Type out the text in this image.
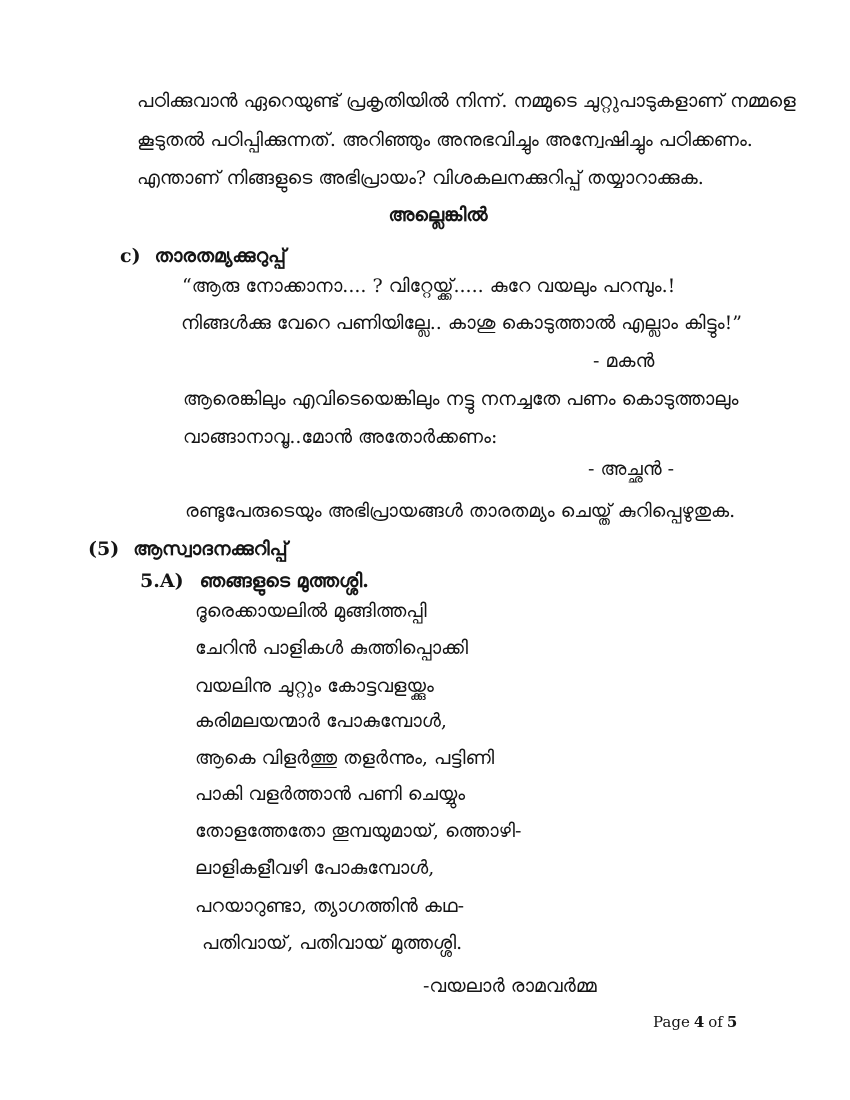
പഠിക്കുവാൻ ഏറെയുണ്ട് പ്രകൃതിയിൽ നിന്ന്. നമ്മുടെ ചുറ്റുപാടുകളാണ് നമ്മളെ
കൂടുതൽ പഠിപ്പിക്കുന്നത്. അറിഞ്ഞും അനുഭവിച്ചും അന്വേഷിച്ചും പഠിക്കണം.
എന്താണ് നിങ്ങളുടെ അഭിപ്രായം? വിശകലനക്കുറിപ്പ് തയ്യാറാക്കുക.
അല്ലെങ്കിൽ
c) താരതമ്യക്കുറുപ്പ്
“ആരു നോക്കാനാ.... ? വിറ്റേയ്ക്ക്..... കുറേ വയലും പറമ്പും.!
നിങ്ങൾക്കു വേറെ പണിയില്ലേ.. കാശു കൊടുത്താൽ എല്ലാം കിട്ടും!”
- മകൻ
ആരെങ്കിലും എവിടെയെങ്കിലും നട്ടു നനച്ചതേ പണം കൊടുത്താലും
വാങ്ങാനാവൂ..മോൻ അതോർക്കണം:
- അച്ഛൻ -
രണ്ടുപേരുടെയും അഭിപ്രായങ്ങൾ താരതമ്യം ചെയ്ത് കുറിപ്പെഴുതുക.
(5) ആസ്വാദനക്കുറിപ്പ്
5.A) ഞങ്ങളുടെ മുത്തശ്ശി.
ദൂരെക്കായലിൽ മുങ്ങിത്തപ്പി
ചേറിൻ പാളികൾ കുത്തിപ്പൊക്കി
വയലിനു ചുറ്റും കോട്ടവളയ്ക്കും
കരിമലയന്മാർ പോകുമ്പോൾ,
ആകെ വിളർത്തു തളർന്നും, പട്ടിണി
പാകി വളർത്താൻ പണി ചെയ്യും
തോളത്തേതോ തൂമ്പയുമായ്, ത്തൊഴി-
ലാളികളീവഴി പോകുമ്പോൾ,
പറയാറുണ്ടാ, ത്യാഗത്തിൻ കഥ-
പതിവായ്, പതിവായ് മുത്തശ്ശി.
-വയലാർ രാമവർമ്മ
Page 4 of 5
